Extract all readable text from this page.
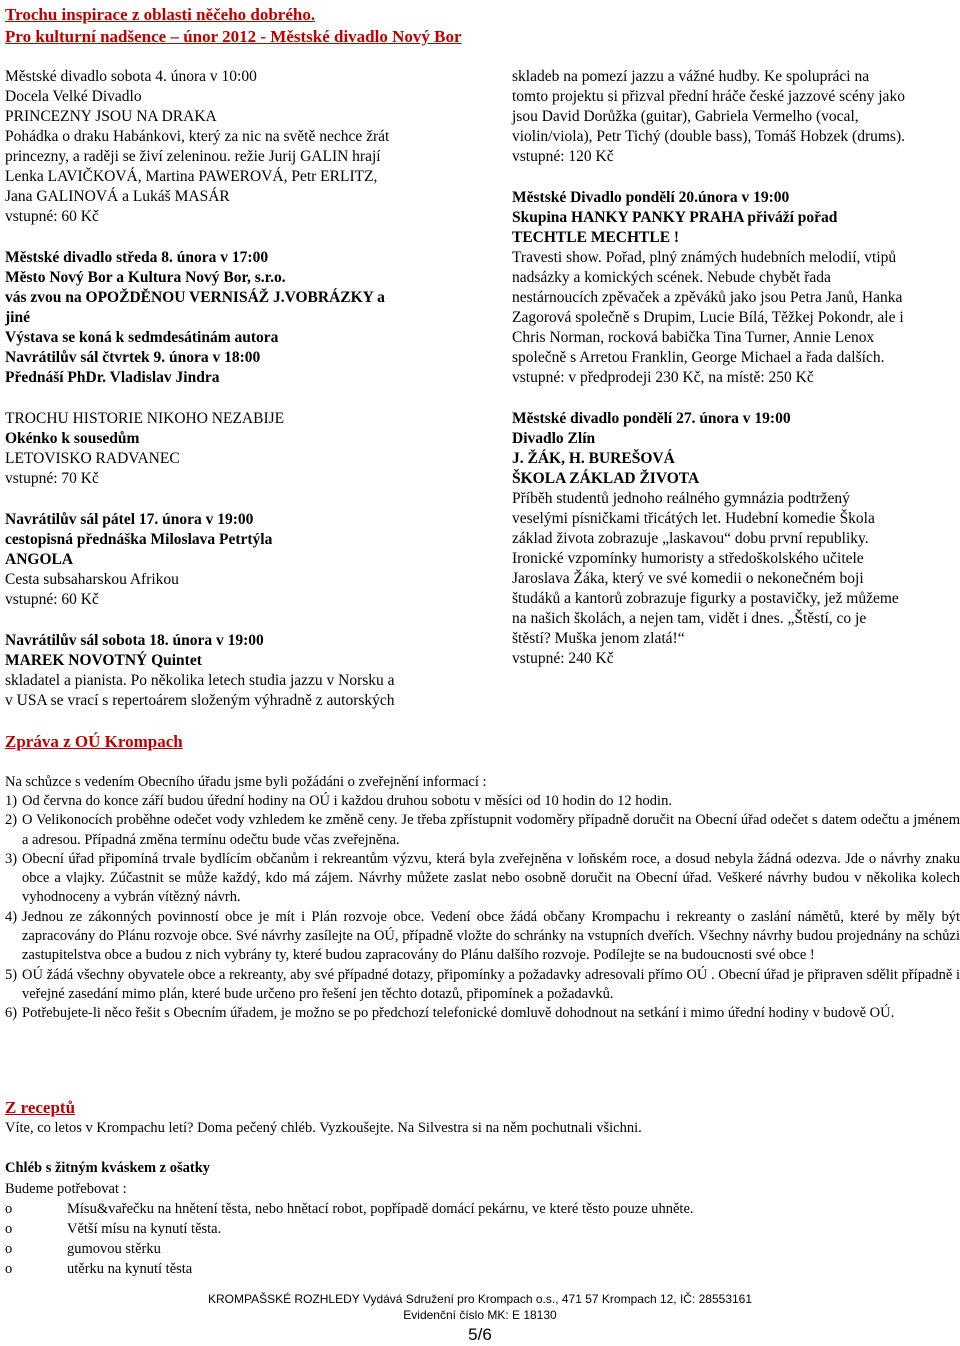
Trochu inspirace z oblasti něčeho dobrého.
Pro kulturní nadšence – únor 2012 - Městské divadlo Nový Bor
Městské divadlo sobota 4. února v 10:00
Docela Velké Divadlo
PRINCEZNY JSOU NA DRAKA
Pohádka o draku Habánkovi, který za nic na světě nechce žrát
princezny, a raději se živí zeleninou. režie Jurij GALIN hrají
Lenka LAVIČKOVÁ, Martina PAWEROVÁ, Petr ERLITZ,
Jana GALINOVÁ a Lukáš MASÁR
vstupné: 60 Kč
Městské divadlo středa 8. února v 17:00
Město Nový Bor a Kultura Nový Bor, s.r.o.
vás zvou na OPOŽDĚNOU VERNISÁŽ J.VOBRÁZKY a
jiné
Výstava se koná k sedmdesátinám autora
Navrátilův sál čtvrtek 9. února v 18:00
Přednáší PhDr. Vladislav Jindra
TROCHU HISTORIE NIKOHO NEZABIJE
Okénko k sousedům
LETOVISKO RADVANEC
vstupné: 70 Kč
Navrátilův sál pátel 17. února v 19:00
cestopisná přednáška Miloslava Petrtýla
ANGOLA
Cesta subsaharskou Afrikou
vstupné: 60 Kč
Navrátilův sál sobota 18. února v 19:00
MAREK NOVOTNÝ Quintet
skladatel a pianista. Po několika letech studia jazzu v Norsku a
v USA se vrací s repertoárem složeným výhradně z autorských
skladeb na pomezí jazzu a vážné hudby. Ke spolupráci na
tomto projektu si přizval přední hráče české jazzové scény jako
jsou David Dorůžka (guitar), Gabriela Vermelho (vocal,
violin/viola), Petr Tichý (double bass), Tomáš Hobzek (drums).
vstupné: 120 Kč
Městské Divadlo pondělí 20.února v 19:00
Skupina HANKY PANKY PRAHA přiváží pořad
TECHTLE MECHTLE !
Travesti show. Pořad, plný známých hudebních melodií, vtipů
nadsázky a komických scének. Nebude chybět řada
nestárnoucích zpěvaček a zpěváků jako jsou Petra Janů, Hanka
Zagorová společně s Drupim, Lucie Bílá, Těžkej Pokondr, ale i
Chris Norman, rocková babička Tina Turner, Annie Lenox
společně s Arretou Franklin, George Michael a řada dalších.
vstupné: v předprodeji 230 Kč, na místě: 250 Kč
Městské divadlo pondělí 27. února v 19:00
Divadlo Zlín
J. ŽÁK, H. BUREŠOVÁ
ŠKOLA ZÁKLAD ŽIVOTA
Příběh studentů jednoho reálného gymnázia podtržený
veselými písničkami třicátých let. Hudební komedie Škola
základ života zobrazuje „laskavou“ dobu první republiky.
Ironické vzpomínky humoristy a středoškolského učitele
Jaroslava Žáka, který ve své komedii o nekonečném boji
študáků a kantorů zobrazuje figurky a postavičky, jež můžeme
na našich školách, a nejen tam, vidět i dnes. „Štěstí, co je
štěstí? Muška jenom zlatá!“
vstupné: 240 Kč
Zpráva z OÚ Krompach
Na schůzce s vedením Obecního úřadu jsme byli požádáni o zveřejnění informací :
1) Od června do konce září budou úřední hodiny na OÚ i každou druhou sobotu v měsíci od 10 hodin do 12 hodin.
2) O Velikonocích proběhne odečet vody vzhledem ke změně ceny. Je třeba zpřístupnit vodoměry případně doručit na Obecní úřad odečet s datem odečtu a jménem a adresou. Případná změna termínu odečtu bude včas zveřejněna.
3) Obecní úřad připomíná trvale bydlícím občanům i rekreantům výzvu, která byla zveřejněna v loňském roce, a dosud nebyla žádná odezva. Jde o návrhy znaku obce a vlajky. Zúčastnit se může každý, kdo má zájem. Návrhy můžete zaslat nebo osobně doručit na Obecní úřad. Veškeré návrhy budou v několika kolech vyhodnoceny a vybrán vítězný návrh.
4) Jednou ze zákonných povinností obce je mít i Plán rozvoje obce. Vedení obce žádá občany Krompachu i rekreanty o zaslání námětů, které by měly být zapracovány do Plánu rozvoje obce. Své návrhy zasílejte na OÚ, případně vložte do schránky na vstupních dveřích. Všechny návrhy budou projednány na schůzi zastupitelstva obce a budou z nich vybrány ty, které budou zapracovány do Plánu dalšího rozvoje. Podílejte se na budoucnosti své obce !
5) OÚ žádá všechny obyvatele obce a rekreanty, aby své případné dotazy, připomínky a požadavky adresovali přímo OÚ . Obecní úřad je připraven sdělit případně i veřejné zasedání mimo plán, které bude určeno pro řešení jen těchto dotazů, připomínek a požadavků.
6) Potřebujete-li něco řešit s Obecním úřadem, je možno se po předchozí telefonické domluvě dohodnout na setkání i mimo úřední hodiny v budově OÚ.
Z receptů
Víte, co letos v Krompachu letí? Doma pečený chléb. Vyzkoušejte. Na Silvestra si na něm pochutnali všichni.
Chléb s žitným kváskem z ošatky
Budeme potřebovat :
o	Mísu&vařečku na hnětení těsta, nebo hnětací robot, popřípadě domácí pekárnu, ve které těsto pouze uhněte.
o	Větší mísu na kynutí těsta.
o	gumovou stěrku
o	utěrku na kynutí těsta
KROMPAŠSKÉ ROZHLEDY Vydává Sdružení pro Krompach o.s., 471 57 Krompach 12, IČ: 28553161
Evidenční číslo MK: E 18130
5/6
